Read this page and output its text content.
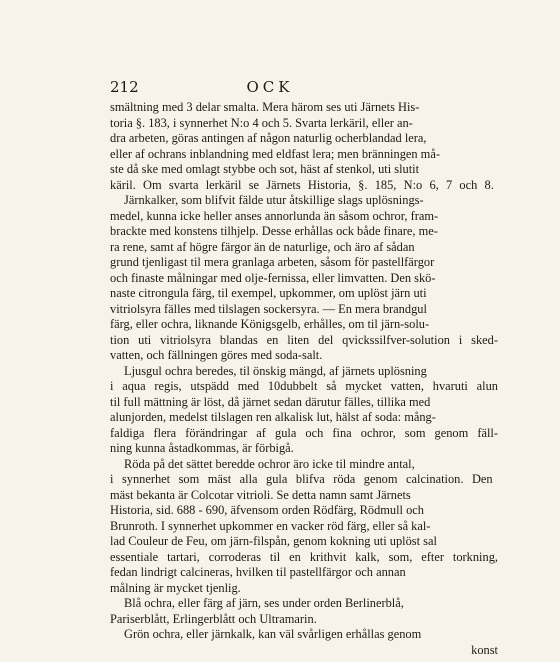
212	OCK
smältning med 3 delar smalta. Mera härom ses uti Järnets His-
toria §. 183, i synnerhet N:o 4 och 5. Svarta lerkäril, eller an-
dra arbeten, göras antingen af någon naturlig ocherblandad lera,
eller af ochrans inblandning med eldfast lera; men bränningen må-
ste då ske med omlagt stybbe och sot, häst af stenkol, uti slutit
käril. Om svarta lerkäril se Järnets Historia, §. 185, N:o 6, 7 och 8.
Järnkalker, som blifvit fälde utur åtskillige slags uplösnings-
medel, kunna icke heller anses annorlunda än såsom ochror, fram-
brackte med konstens tilhjelp. Desse erhållas ock både finare, me-
ra rene, samt af högre färgor än de naturlige, och äro af sådan
grund tjenligast til mera granlaga arbeten, såsom för pastellfärgor
och finaste målningar med olje-fernissa, eller limvatten. Den skö-
naste citrongula färg, til exempel, upkommer, om uplöst järn uti
vitriolsyra fälles med tilslagen sockersyra. — En mera brandgul
färg, eller ochra, liknande Königsgelb, erhålles, om til järn-solu-
tion uti vitriolsyra blandas en liten del qvickssilfver-solution i sked-
vatten, och fällningen göres med soda-salt.
Ljusgul ochra beredes, til önskig mängd, af järnets uplösning
i aqua regis, utspädd med 10dubbelt så mycket vatten, hvaruti alun
til full mättning är löst, då järnet sedan därutur fälles, tillika med
alunjorden, medelst tilslagen ren alkalisk lut, hälst af soda: mång-
faldiga flera förändringar af gula och fina ochror, som genom fäll-
ning kunna åstadkommas, är förbigå.
Röda på det sättet beredde ochror äro icke til mindre antal,
i synnerhet som mäst alla gula blifva röda genom calcination. Den
mäst bekanta är Colcotar vitrioli. Se detta namn samt Järnets
Historia, sid. 688 - 690, äfvensom orden Rödfärg, Rödmull och
Brunroth. I synnerhet upkommer en vacker röd färg, eller så kal-
lad Couleur de Feu, om järn-filspån, genom kokning uti uplöst sal
essentiale tartari, corroderas til en krithvit kalk, som, efter torkning,
fedan lindrigt calcineras, hvilken til pastellfärgor och annan
målning är mycket tjenlig.
Blå ochra, eller färg af järn, ses under orden Berlinerblå,
Pariserblått, Erlingerblått och Ultramarin.
Grön ochra, eller järnkalk, kan väl svårligen erhållas genom
konst
